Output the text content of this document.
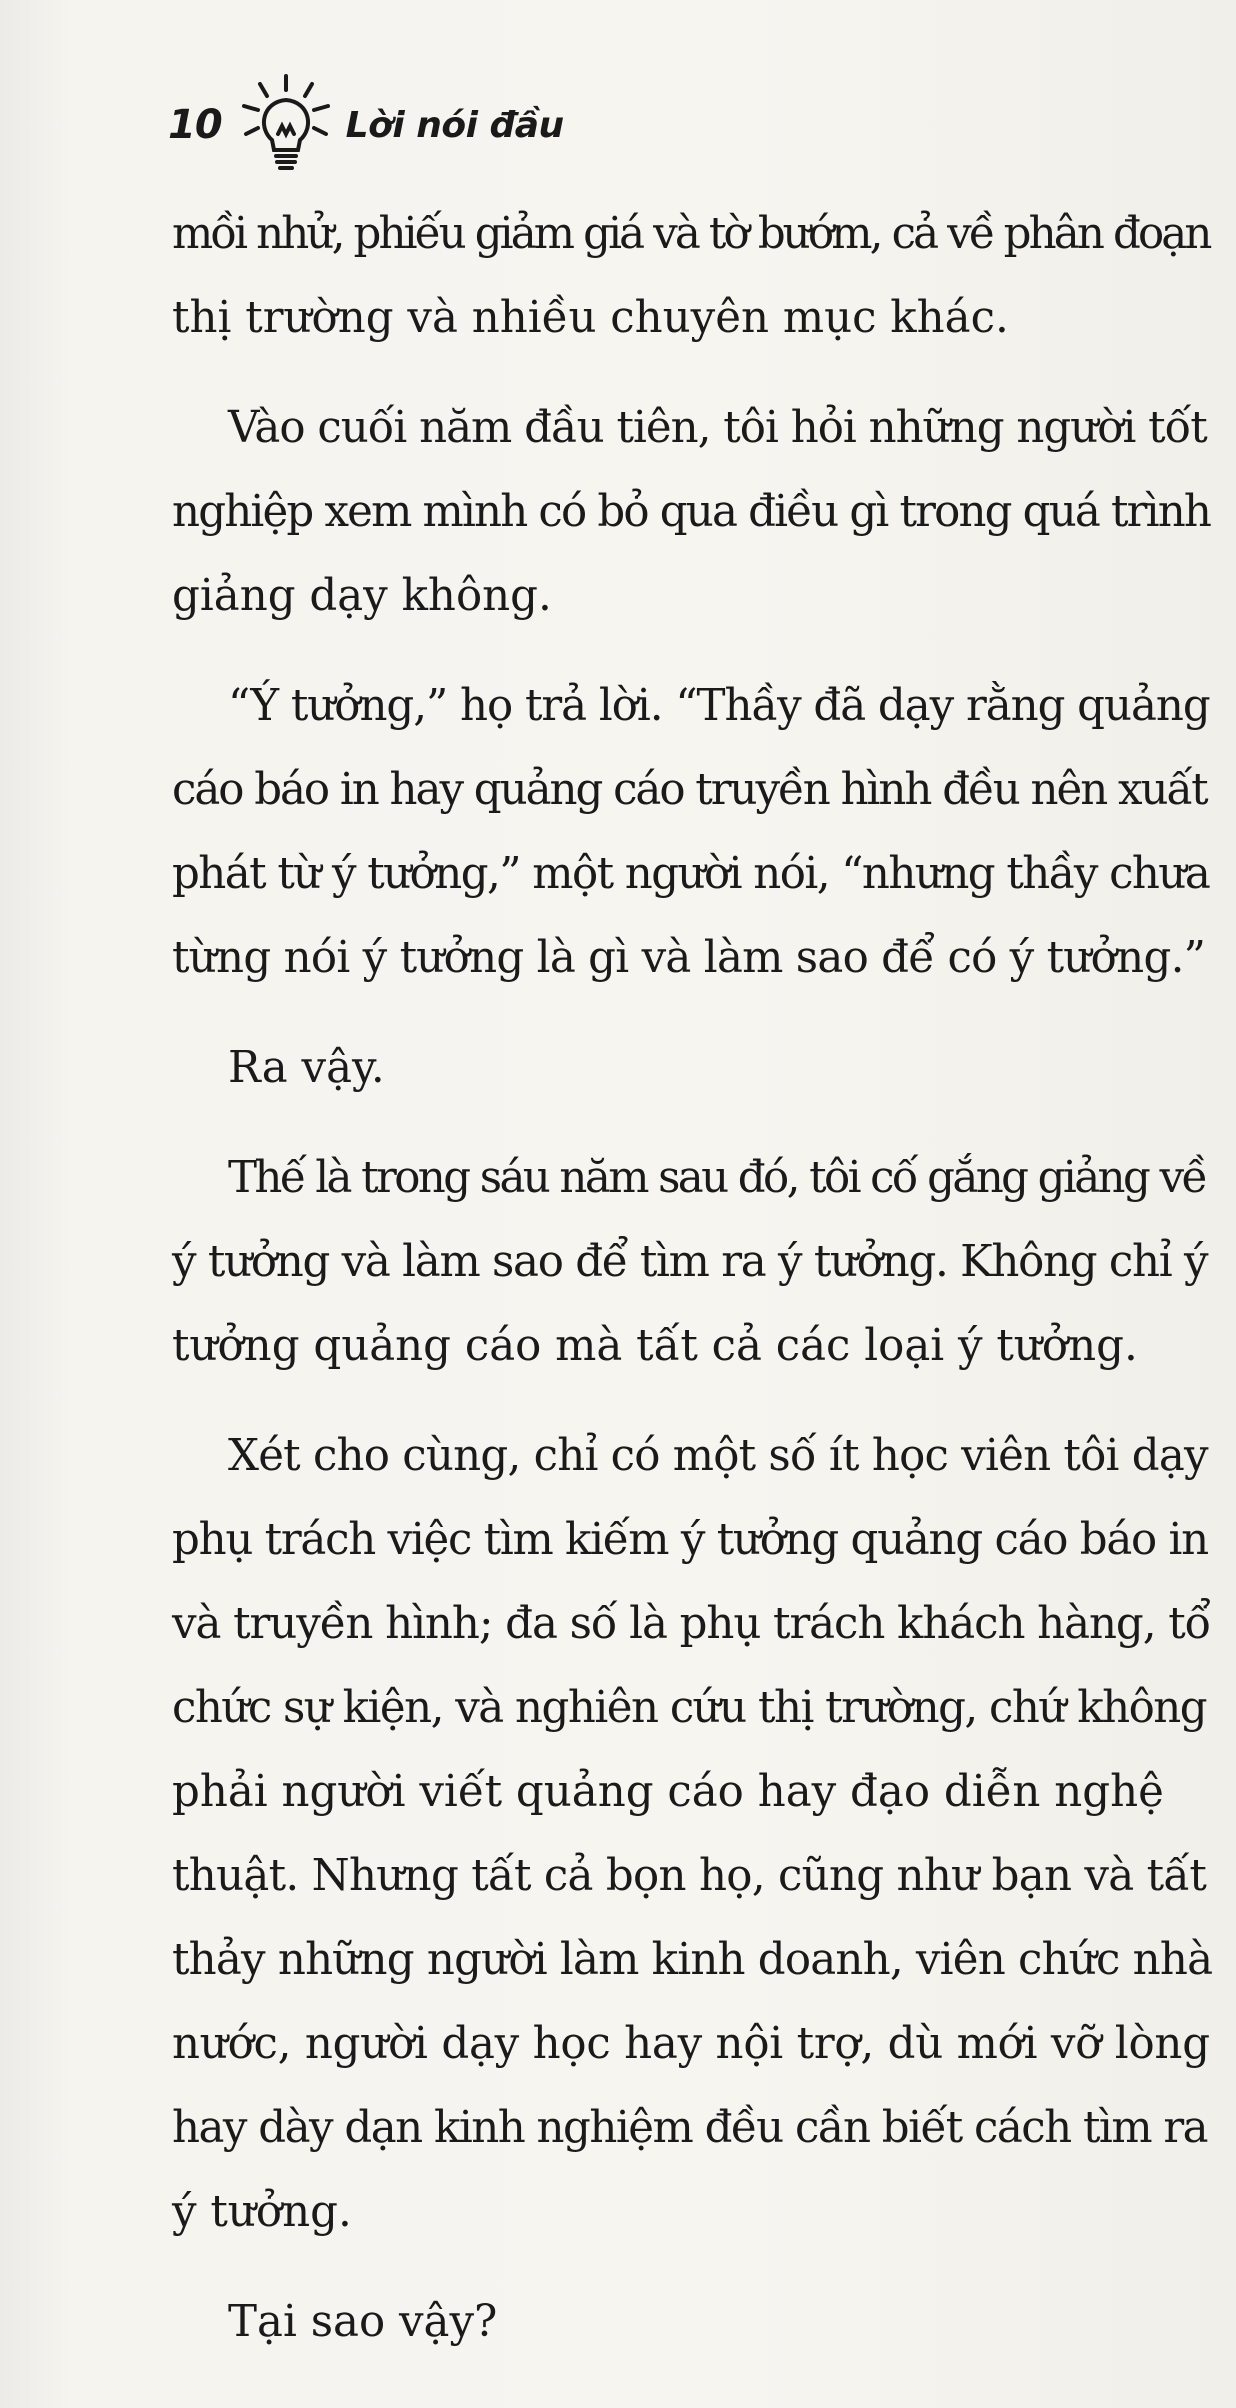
10	Lời nói đầu

mồi nhử, phiếu giảm giá và tờ bướm, cả về phân đoạn
thị trường và nhiều chuyên mục khác.

Vào cuối năm đầu tiên, tôi hỏi những người tốt
nghiệp xem mình có bỏ qua điều gì trong quá trình
giảng dạy không.

“Ý tưởng,” họ trả lời. “Thầy đã dạy rằng quảng
cáo báo in hay quảng cáo truyền hình đều nên xuất
phát từ ý tưởng,” một người nói, “nhưng thầy chưa
từng nói ý tưởng là gì và làm sao để có ý tưởng.”

Ra vậy.

Thế là trong sáu năm sau đó, tôi cố gắng giảng về
ý tưởng và làm sao để tìm ra ý tưởng. Không chỉ ý
tưởng quảng cáo mà tất cả các loại ý tưởng.

Xét cho cùng, chỉ có một số ít học viên tôi dạy
phụ trách việc tìm kiếm ý tưởng quảng cáo báo in
và truyền hình; đa số là phụ trách khách hàng, tổ
chức sự kiện, và nghiên cứu thị trường, chứ không
phải người viết quảng cáo hay đạo diễn nghệ
thuật. Nhưng tất cả bọn họ, cũng như bạn và tất
thảy những người làm kinh doanh, viên chức nhà
nước, người dạy học hay nội trợ, dù mới vỡ lòng
hay dày dạn kinh nghiệm đều cần biết cách tìm ra
ý tưởng.

Tại sao vậy?
